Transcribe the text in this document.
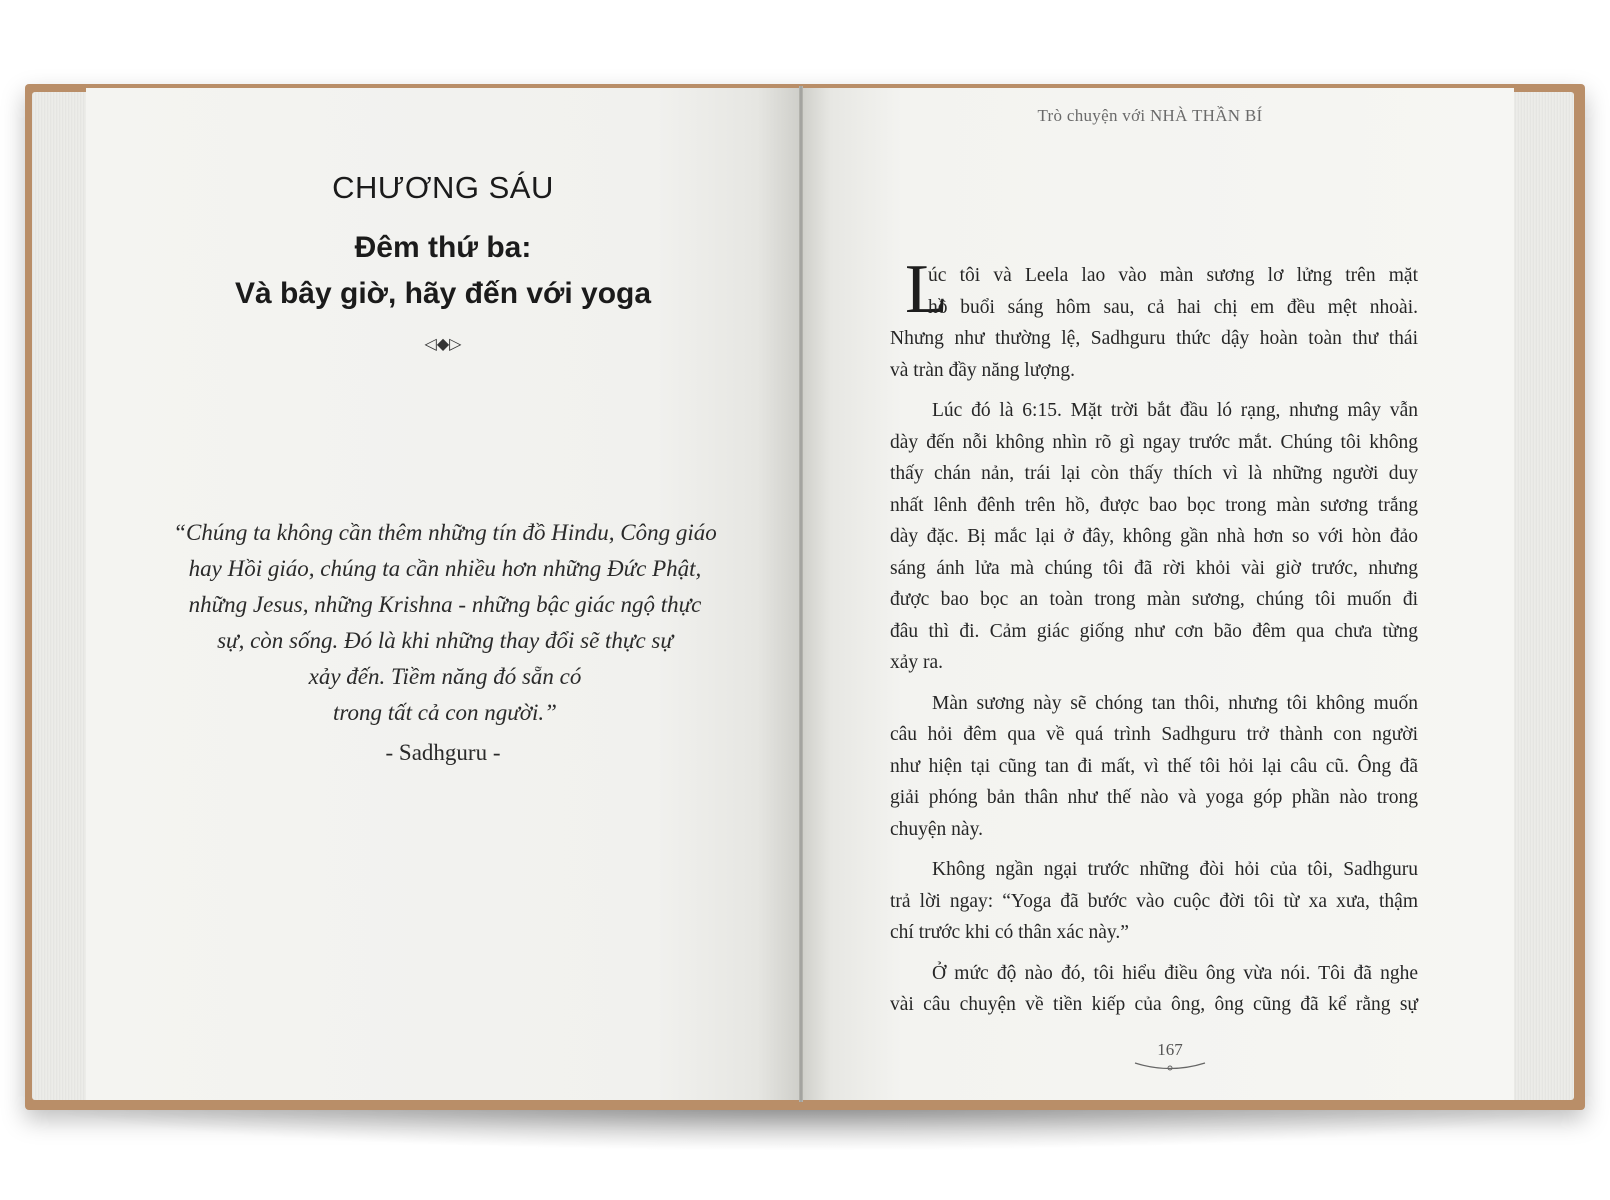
CHƯƠNG SÁU
Đêm thứ ba:
Và bây giờ, hãy đến với yoga
◁◆▷
“Chúng ta không cần thêm những tín đồ Hindu, Công giáo
hay Hồi giáo, chúng ta cần nhiều hơn những Đức Phật,
những Jesus, những Krishna - những bậc giác ngộ thực
sự, còn sống. Đó là khi những thay đổi sẽ thực sự
xảy đến. Tiềm năng đó sẵn có
trong tất cả con người.”
- Sadhguru -
Trò chuyện với NHÀ THẦN BÍ
L
úc tôi và Leela lao vào màn sương lơ lửng trên mặt
hồ buổi sáng hôm sau, cả hai chị em đều mệt nhoài.
Nhưng như thường lệ, Sadhguru thức dậy hoàn toàn thư thái
và tràn đầy năng lượng.
Lúc đó là 6:15. Mặt trời bắt đầu ló rạng, nhưng mây vẫn
dày đến nỗi không nhìn rõ gì ngay trước mắt. Chúng tôi không
thấy chán nản, trái lại còn thấy thích vì là những người duy
nhất lênh đênh trên hồ, được bao bọc trong màn sương trắng
dày đặc. Bị mắc lại ở đây, không gần nhà hơn so với hòn đảo
sáng ánh lửa mà chúng tôi đã rời khỏi vài giờ trước, nhưng
được bao bọc an toàn trong màn sương, chúng tôi muốn đi
đâu thì đi. Cảm giác giống như cơn bão đêm qua chưa từng
xảy ra.
Màn sương này sẽ chóng tan thôi, nhưng tôi không muốn
câu hỏi đêm qua về quá trình Sadhguru trở thành con người
như hiện tại cũng tan đi mất, vì thế tôi hỏi lại câu cũ. Ông đã
giải phóng bản thân như thế nào và yoga góp phần nào trong
chuyện này.
Không ngần ngại trước những đòi hỏi của tôi, Sadhguru
trả lời ngay: “Yoga đã bước vào cuộc đời tôi từ xa xưa, thậm
chí trước khi có thân xác này.”
Ở mức độ nào đó, tôi hiểu điều ông vừa nói. Tôi đã nghe
vài câu chuyện về tiền kiếp của ông, ông cũng đã kể rằng sự
167
